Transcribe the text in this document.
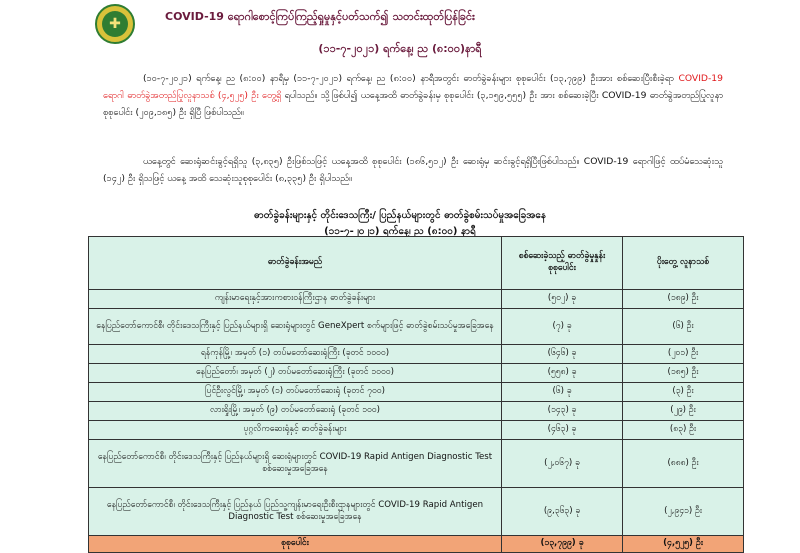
✚	COVID-19 ရောဂါစောင့်ကြပ်ကြည့်ရှုမှုနှင့်ပတ်သက်၍ သတင်းထုတ်ပြန်ခြင်း
(၁၁-၇-၂၀၂၁) ရက်နေ့၊ ည (၈:၀၀)နာရီ
(၁၀-၇-၂၀၂၁) ရက်နေ့၊ ည (၈:၀၀) နာရီမှ (၁၁-၇-၂၀၂၁) ရက်နေ့၊ ည (၈:၀၀) နာရီအတွင်း ဓာတ်ခွဲခန်းများ စုစုပေါင်း (၁၃,၇၉၉) ဦးအား စစ်ဆေးပြီးစီးခဲ့ရာ COVID-19 ရောဂါ ဓာတ်ခွဲအတည်ပြုလူနာသစ် (၄,၅၂၅) ဦး တွေ့ရှိ ရပါသည်။ သို့ဖြစ်ပါ၍ ယနေ့အထိ ဓာတ်ခွဲခန်းမှ စုစုပေါင်း (၃,၁၅၉,၅၅၅) ဦး အား စစ်ဆေးခဲ့ပြီး COVID-19 ဓာတ်ခွဲအတည်ပြုလူနာ စုစုပေါင်း (၂၀၉,၁၈၅) ဦး ရှိပြီ ဖြစ်ပါသည်။
ယနေ့တွင် ဆေးရုံဆင်းခွင့်ရရှိသူ (၃,၈၃၅) ဦးဖြစ်သဖြင့် ယနေ့အထိ စုစုပေါင်း (၁၈၆,၅၁၂) ဦး ဆေးရုံမှ ဆင်းခွင့်ရရှိပြီးဖြစ်ပါသည်။ COVID-19 ရောဂါဖြင့် ထပ်မံသေဆုံးသူ (၁၄၂) ဦး ရှိသဖြင့် ယနေ့ အထိ သေဆုံးသူစုစုပေါင်း (၈,၃၃၅) ဦး ရှိပါသည်။
ဓာတ်ခွဲခန်းများနှင့် တိုင်းဒေသကြီး/ ပြည်နယ်များတွင် ဓာတ်ခွဲစမ်းသပ်မှုအခြေအနေ
(၁၁-၇-၂၀၂၁) ရက်နေ့၊ ည (၈:၀၀) နာရီ
ဓာတ်ခွဲခန်းအမည်	စစ်ဆေးခဲ့သည့် ဓာတ်ခွဲမှုနှုန်း စုစုပေါင်း	ပိုးတွေ့ လူနာသစ်
ကျန်းမာရေးနှင့်အားကစားဝန်ကြီးဌာန ဓာတ်ခွဲခန်းများ	(၅၀၂) ခု	(၁၈၉) ဦး
နေပြည်တော်ကောင်စီ၊ တိုင်းဒေသကြီးနှင့် ပြည်နယ်များရှိ ဆေးရုံများတွင် GeneXpert စက်များဖြင့် ဓာတ်ခွဲစမ်းသပ်မှုအခြေအနေ	(၇) ခု	(၆) ဦး
ရန်ကုန်မြို့၊ အမှတ် (၁) တပ်မတော်ဆေးရုံကြီး (ခုတင် ၁၀၀၀)	(၆၄၆) ခု	(၂၀၁) ဦး
နေပြည်တော်၊ အမှတ် (၂) တပ်မတော်ဆေးရုံကြီး (ခုတင် ၁၀၀၀)	(၅၅၈) ခု	(၁၈၅) ဦး
ပြင်ဦးလွင်မြို့၊ အမှတ် (၁) တပ်မတော်ဆေးရုံ (ခုတင် ၇၀၀)	(၆) ခု	(၃) ဦး
လားရှိုးမြို့၊ အမှတ် (၉) တပ်မတော်ဆေးရုံ (ခုတင် ၁၀၀)	(၁၄၃) ခု	(၂၉) ဦး
ပုဂ္ဂလိကဆေးရုံနှင့် ဓာတ်ခွဲခန်းများ	(၄၆၃) ခု	(၈၃) ဦး
နေပြည်တော်ကောင်စီ၊ တိုင်းဒေသကြီးနှင့် ပြည်နယ်များရှိ ဆေးရုံများတွင် COVID-19 Rapid Antigen Diagnostic Test စစ်ဆေးမှုအခြေအနေ	(၂,၀၆၇) ခု	(၈၈၈) ဦး
နေပြည်တော်ကောင်စီ၊ တိုင်းဒေသကြီးနှင့် ပြည်နယ် ပြည်သူ့ကျန်းမာရေးဦးစီးဌာနများတွင် COVID-19 Rapid Antigen Diagnostic Test စစ်ဆေးမှုအခြေအနေ	(၉,၃၆၃) ခု	(၂,၉၄၁) ဦး
စုစုပေါင်း	(၁၃,၇၉၉) ခု	(၄,၅၂၅) ဦး
